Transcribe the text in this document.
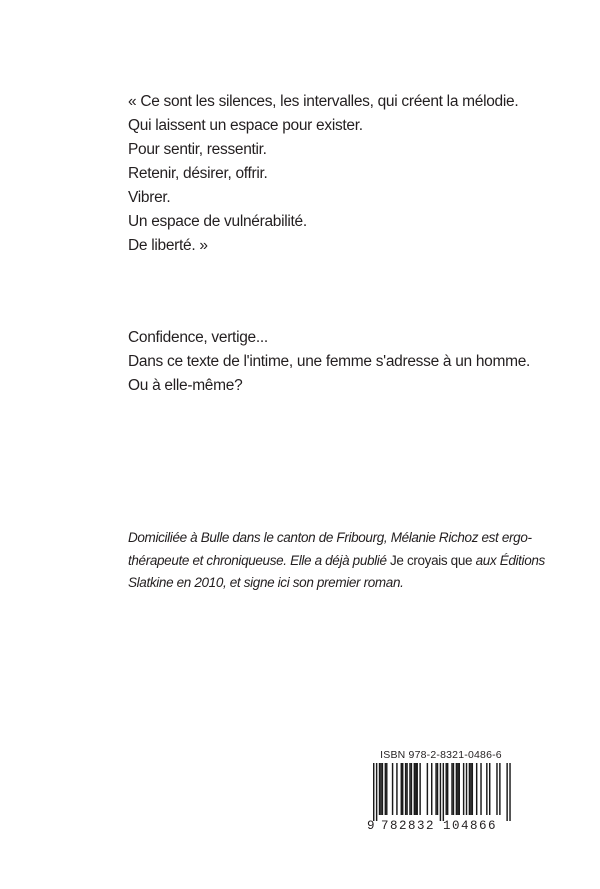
« Ce sont les silences, les intervalles, qui créent la mélodie.
Qui laissent un espace pour exister.
Pour sentir, ressentir.
Retenir, désirer, offrir.
Vibrer.
Un espace de vulnérabilité.
De liberté. »
Confidence, vertige...
Dans ce texte de l'intime, une femme s'adresse à un homme.
Ou à elle-même?
Domiciliée à Bulle dans le canton de Fribourg, Mélanie Richoz est ergo-
thérapeute et chroniqueuse. Elle a déjà publié Je croyais que aux Éditions
Slatkine en 2010, et signe ici son premier roman.
ISBN 978-2-8321-0486-6
9 782832 104866
